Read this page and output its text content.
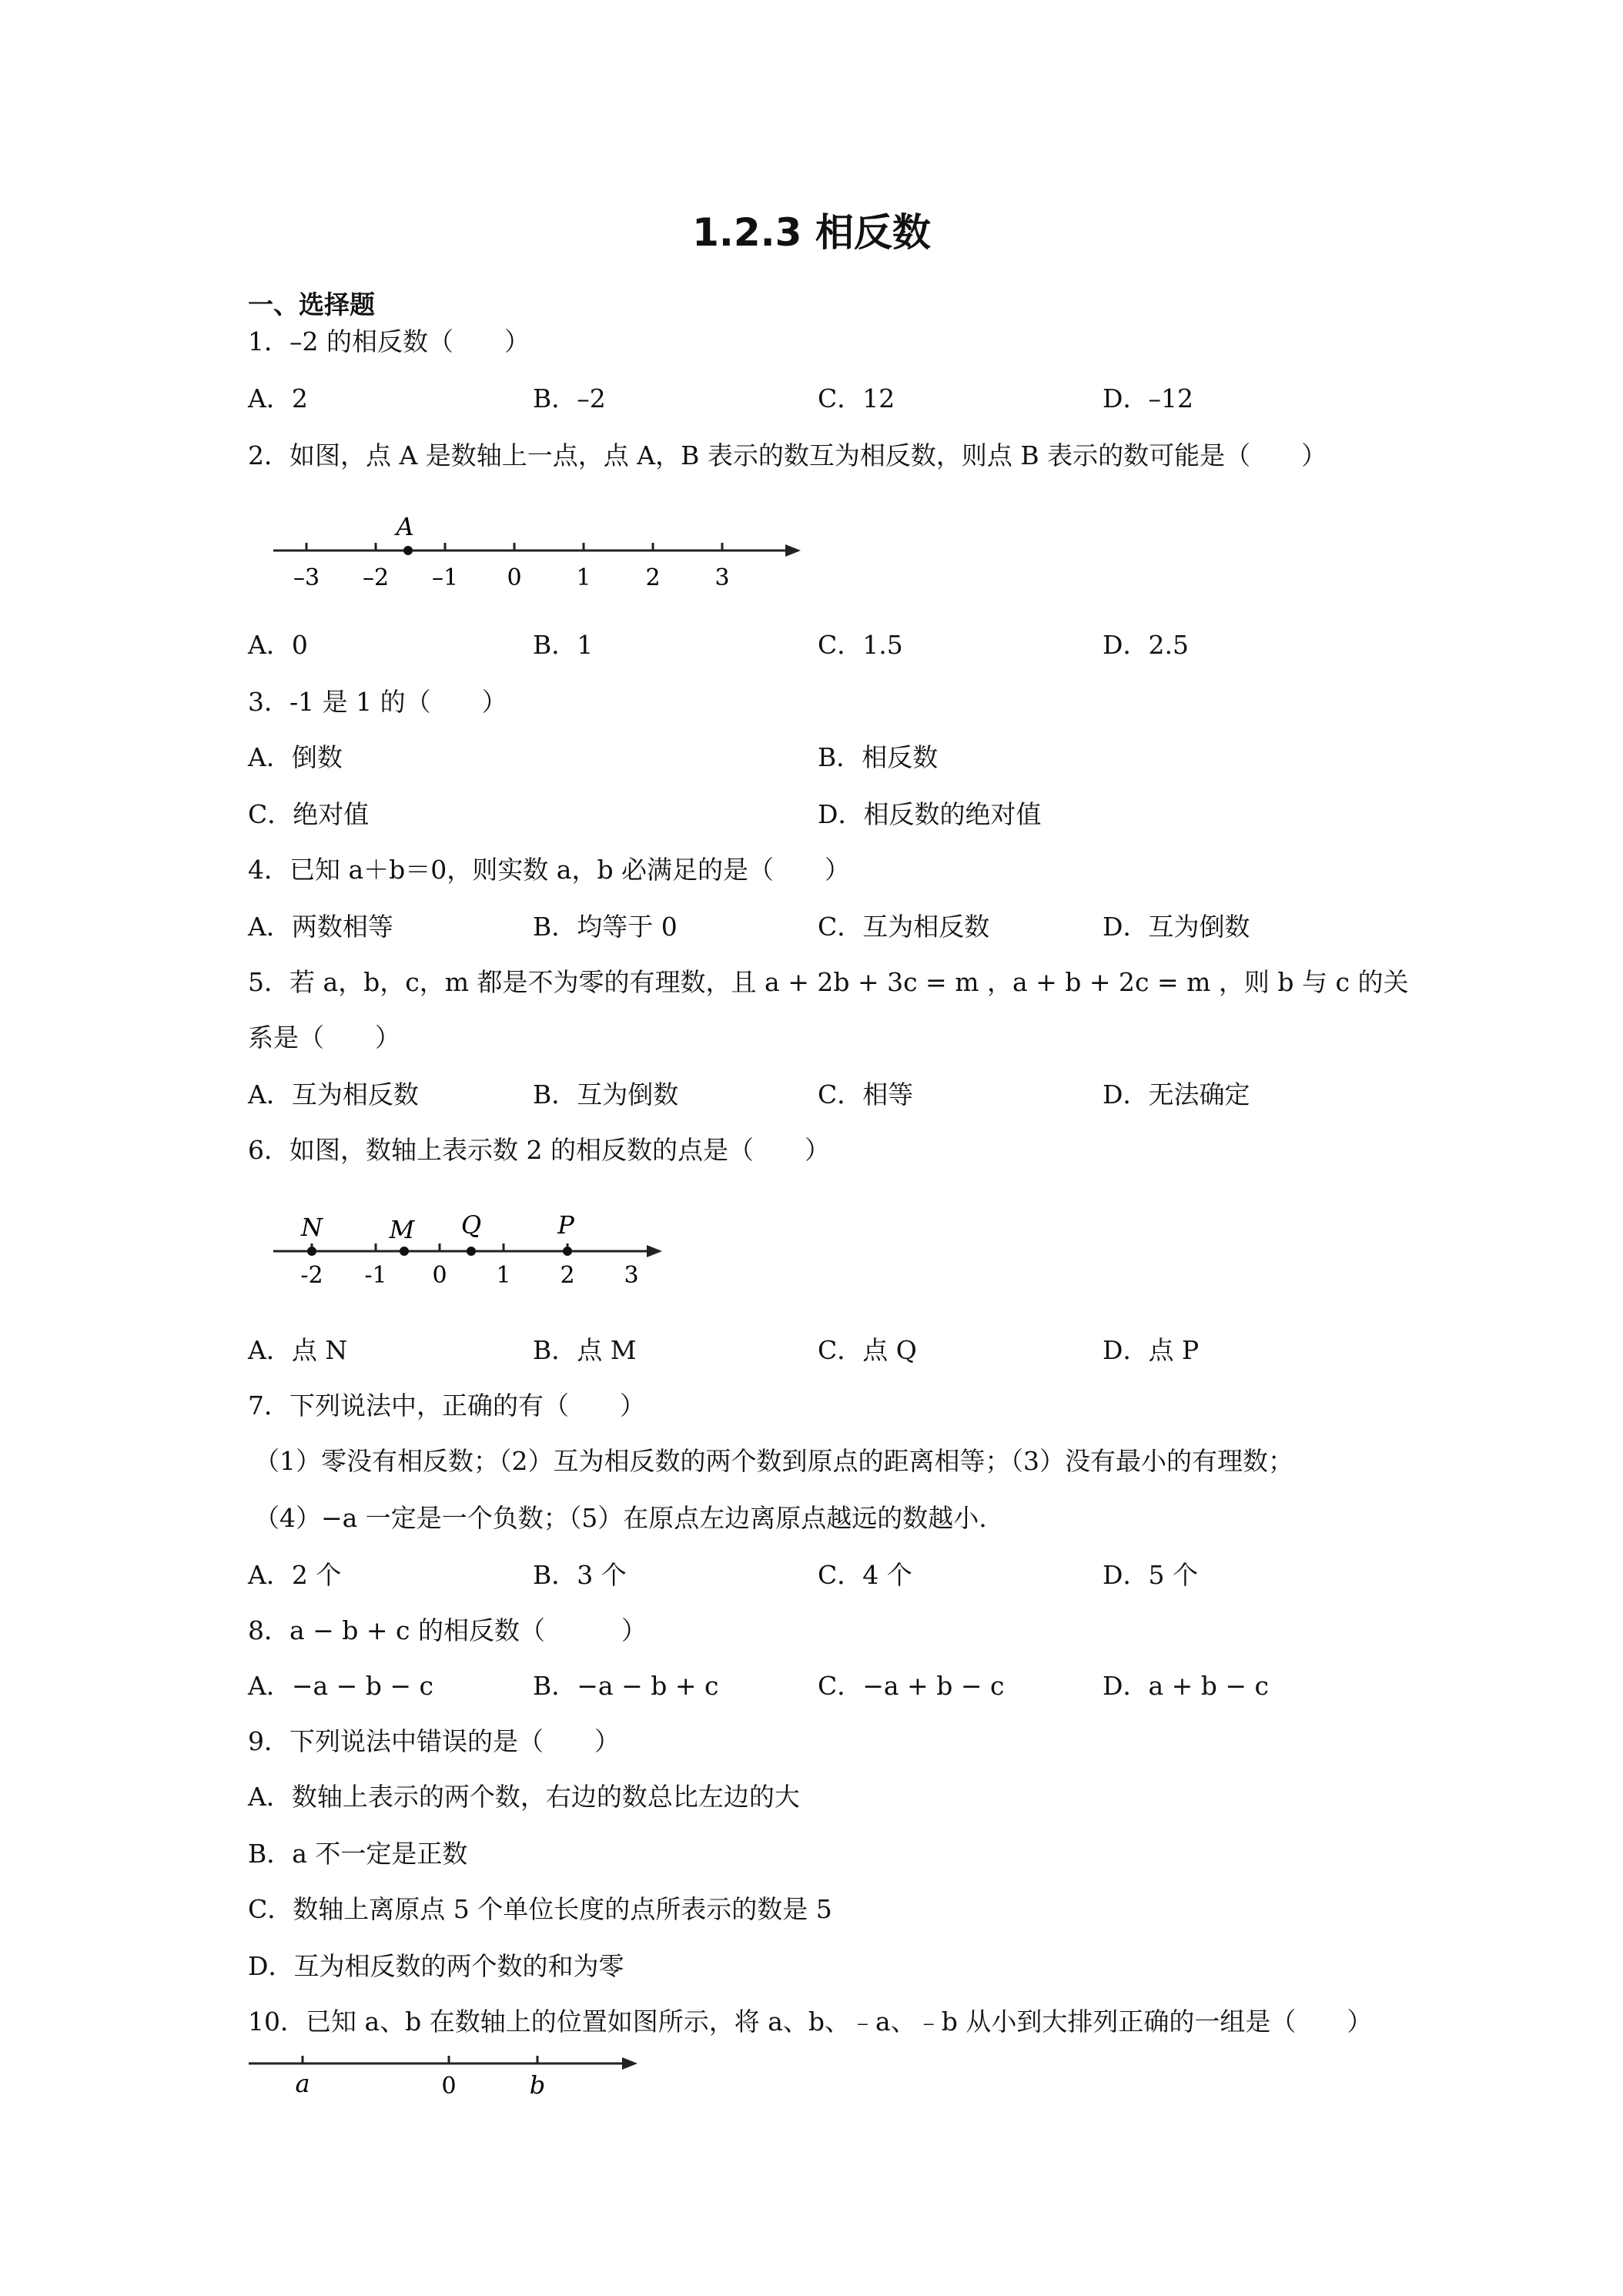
1.2.3 相反数
一、选择题
1．–2 的相反数（　　）
A．2	B．–2	C．12	D．–12
2．如图，点 A 是数轴上一点，点 A，B 表示的数互为相反数，则点 B 表示的数可能是（　　）
A
–3 –2 –1 0 1 2 3
A．0	B．1	C．1.5	D．2.5
3．-1 是 1 的（　　）
A．倒数	B．相反数
C．绝对值	D．相反数的绝对值
4．已知 a＋b＝0，则实数 a，b 必满足的是（　　）
A．两数相等	B．均等于 0	C．互为相反数	D．互为倒数
5．若 a，b，c，m 都是不为零的有理数，且 a + 2b + 3c = m ，a + b + 2c = m ，则 b 与 c 的关
系是（　　）
A．互为相反数	B．互为倒数	C．相等	D．无法确定
6．如图，数轴上表示数 2 的相反数的点是（　　）
N	M Q	P
-2 -1 0 1 2 3
A．点 N	B．点 M	C．点 Q	D．点 P
7．下列说法中，正确的有（　　）
（1）零没有相反数；（2）互为相反数的两个数到原点的距离相等；（3）没有最小的有理数；
（4）−a 一定是一个负数；（5）在原点左边离原点越远的数越小.
A．2 个	B．3 个	C．4 个	D．5 个
8．a − b + c 的相反数（　　　）
A．−a − b − c	B．−a − b + c	C．−a + b − c	D．a + b − c
9．下列说法中错误的是（　　）
A．数轴上表示的两个数，右边的数总比左边的大
B．a 不一定是正数
C．数轴上离原点 5 个单位长度的点所表示的数是 5
D．互为相反数的两个数的和为零
10．已知 a、b 在数轴上的位置如图所示，将 a、b、﹣a、﹣b 从小到大排列正确的一组是（　　）
a	0	b
